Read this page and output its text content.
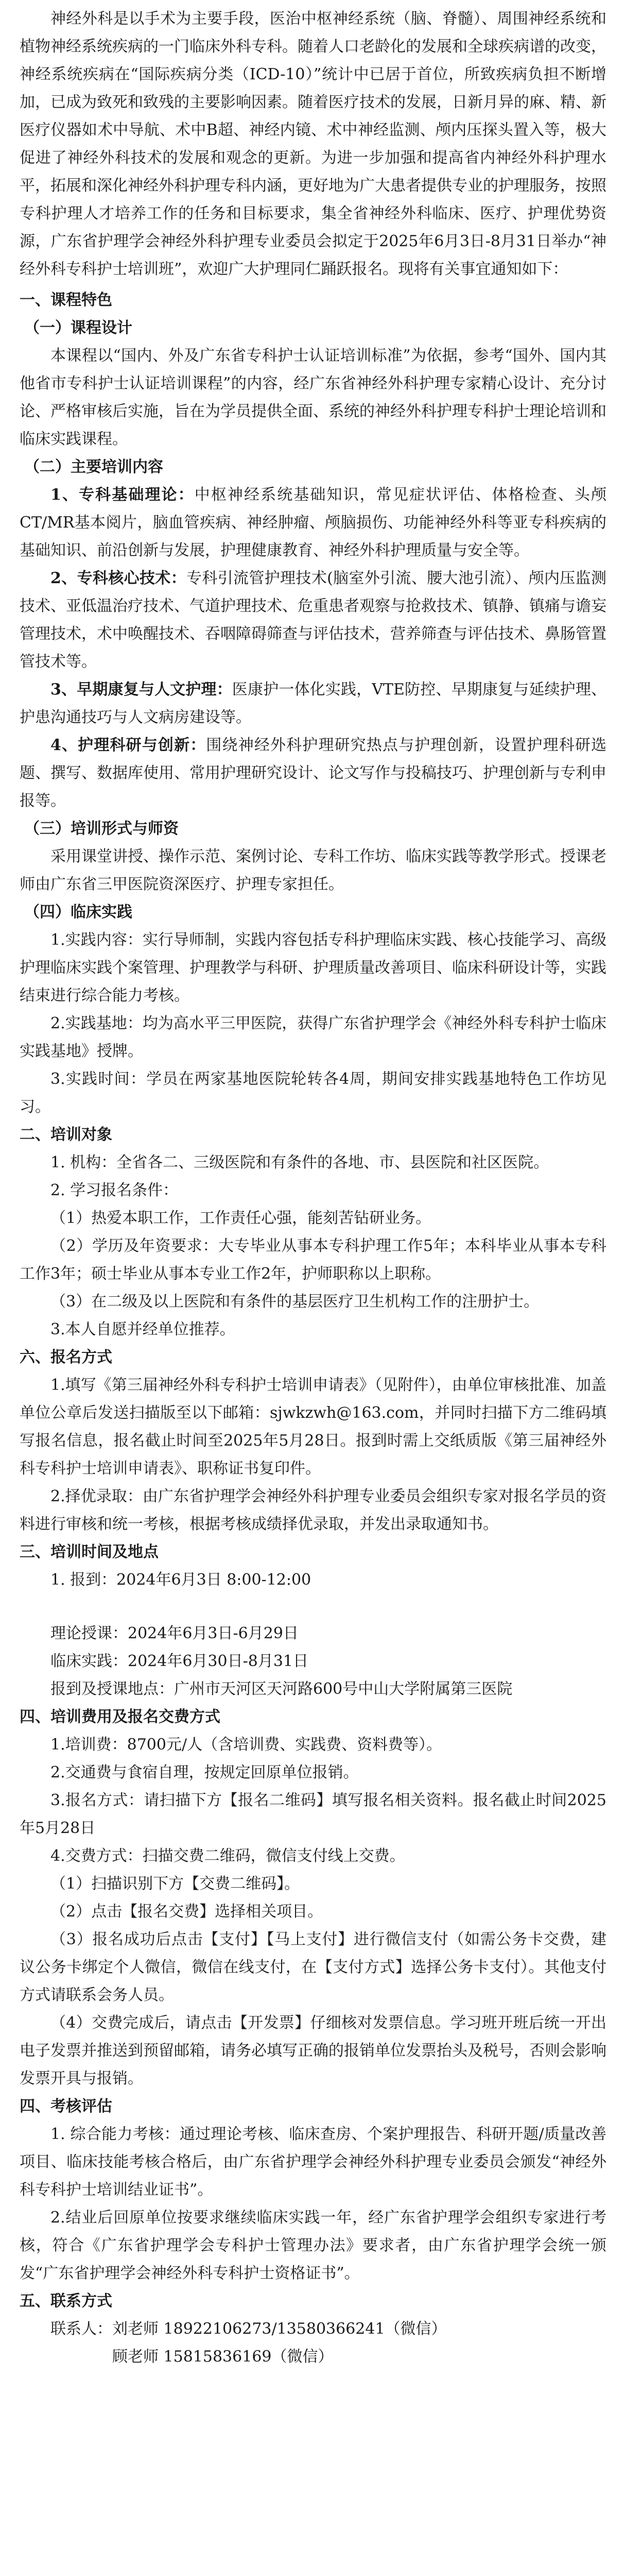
神经外科是以手术为主要手段，医治中枢神经系统（脑、脊髓）、周围神经系统和植物神经系统疾病的一门临床外科专科。随着人口老龄化的发展和全球疾病谱的改变，神经系统疾病在“国际疾病分类（ICD-10）”统计中已居于首位，所致疾病负担不断增加，已成为致死和致残的主要影响因素。随着医疗技术的发展，日新月异的麻、精、新医疗仪器如术中导航、术中B超、神经内镜、术中神经监测、颅内压探头置入等，极大促进了神经外科技术的发展和观念的更新。为进一步加强和提高省内神经外科护理水平，拓展和深化神经外科护理专科内涵，更好地为广大患者提供专业的护理服务，按照专科护理人才培养工作的任务和目标要求，集全省神经外科临床、医疗、护理优势资源，广东省护理学会神经外科护理专业委员会拟定于2025年6月3日-8月31日举办“神经外科专科护士培训班”，欢迎广大护理同仁踊跃报名。现将有关事宜通知如下：

一、课程特色

（一）课程设计

本课程以“国内、外及广东省专科护士认证培训标准”为依据，参考“国外、国内其他省市专科护士认证培训课程”的内容，经广东省神经外科护理专家精心设计、充分讨论、严格审核后实施，旨在为学员提供全面、系统的神经外科护理专科护士理论培训和临床实践课程。

（二）主要培训内容

1、专科基础理论：中枢神经系统基础知识，常见症状评估、体格检查、头颅CT/MR基本阅片，脑血管疾病、神经肿瘤、颅脑损伤、功能神经外科等亚专科疾病的基础知识、前沿创新与发展，护理健康教育、神经外科护理质量与安全等。

2、专科核心技术：专科引流管护理技术(脑室外引流、腰大池引流）、颅内压监测技术、亚低温治疗技术、气道护理技术、危重患者观察与抢救技术、镇静、镇痛与谵妄管理技术，术中唤醒技术、吞咽障碍筛查与评估技术，营养筛查与评估技术、鼻肠管置管技术等。

3、早期康复与人文护理：医康护一体化实践，VTE防控、早期康复与延续护理、护患沟通技巧与人文病房建设等。

4、护理科研与创新：围绕神经外科护理研究热点与护理创新，设置护理科研选题、撰写、数据库使用、常用护理研究设计、论文写作与投稿技巧、护理创新与专利申报等。

（三）培训形式与师资

采用课堂讲授、操作示范、案例讨论、专科工作坊、临床实践等教学形式。授课老师由广东省三甲医院资深医疗、护理专家担任。

（四）临床实践

1.实践内容：实行导师制，实践内容包括专科护理临床实践、核心技能学习、高级护理临床实践个案管理、护理教学与科研、护理质量改善项目、临床科研设计等，实践结束进行综合能力考核。

2.实践基地：均为高水平三甲医院，获得广东省护理学会《神经外科专科护士临床实践基地》授牌。

3.实践时间：学员在两家基地医院轮转各4周，期间安排实践基地特色工作坊见习。

二、培训对象

1. 机构：全省各二、三级医院和有条件的各地、市、县医院和社区医院。

2. 学习报名条件：

（1）热爱本职工作，工作责任心强，能刻苦钻研业务。

（2）学历及年资要求：大专毕业从事本专科护理工作5年；本科毕业从事本专科工作3年；硕士毕业从事本专业工作2年，护师职称以上职称。

（3）在二级及以上医院和有条件的基层医疗卫生机构工作的注册护士。

3.本人自愿并经单位推荐。

六、报名方式

1.填写《第三届神经外科专科护士培训申请表》（见附件），由单位审核批准、加盖单位公章后发送扫描版至以下邮箱：sjwkzwh@163.com，并同时扫描下方二维码填写报名信息，报名截止时间至2025年5月28日。报到时需上交纸质版《第三届神经外科专科护士培训申请表》、职称证书复印件。

2.择优录取：由广东省护理学会神经外科护理专业委员会组织专家对报名学员的资料进行审核和统一考核，根据考核成绩择优录取，并发出录取通知书。

三、培训时间及地点

1. 报到：2024年6月3日 8:00-12:00

理论授课：2024年6月3日-6月29日

临床实践：2024年6月30日-8月31日

报到及授课地点：广州市天河区天河路600号中山大学附属第三医院

四、培训费用及报名交费方式

1.培训费：8700元/人（含培训费、实践费、资料费等）。

2.交通费与食宿自理，按规定回原单位报销。

3.报名方式：请扫描下方【报名二维码】填写报名相关资料。报名截止时间2025年5月28日

4.交费方式：扫描交费二维码，微信支付线上交费。

（1）扫描识别下方【交费二维码】。

（2）点击【报名交费】选择相关项目。

（3）报名成功后点击【支付】【马上支付】进行微信支付（如需公务卡交费，建议公务卡绑定个人微信，微信在线支付，在【支付方式】选择公务卡支付）。其他支付方式请联系会务人员。

（4）交费完成后，请点击【开发票】仔细核对发票信息。学习班开班后统一开出电子发票并推送到预留邮箱，请务必填写正确的报销单位发票抬头及税号，否则会影响发票开具与报销。

四、考核评估

1. 综合能力考核：通过理论考核、临床查房、个案护理报告、科研开题/质量改善项目、临床技能考核合格后，由广东省护理学会神经外科护理专业委员会颁发“神经外科专科护士培训结业证书”。

2.结业后回原单位按要求继续临床实践一年，经广东省护理学会组织专家进行考核，符合《广东省护理学会专科护士管理办法》要求者，由广东省护理学会统一颁发“广东省护理学会神经外科专科护士资格证书”。

五、联系方式

联系人：刘老师 18922106273/13580366241（微信）

顾老师 15815836169（微信）
